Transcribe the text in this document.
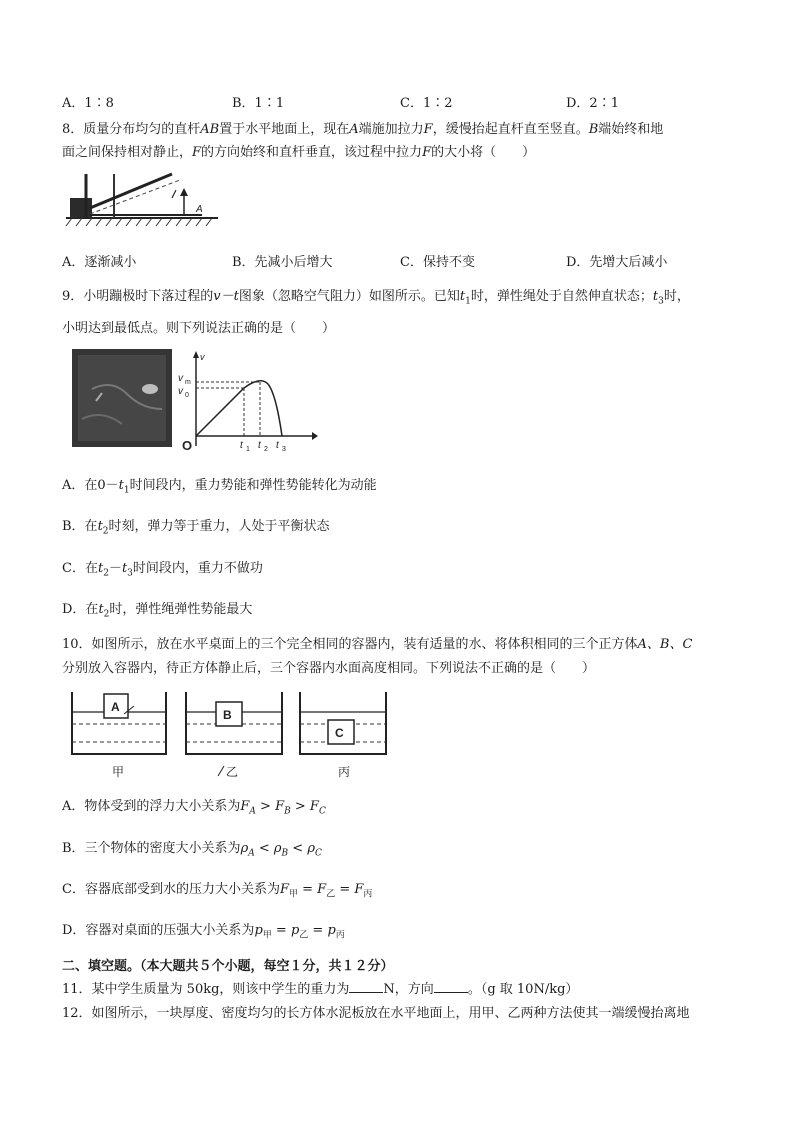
A．1∶8	B．1∶1	C．1∶2	D．2∶1
8．质量分布均匀的直杆AB置于水平地面上，现在A端施加拉力F，缓慢抬起直杆直至竖直。B端始终和地
面之间保持相对静止，F的方向始终和直杆垂直，该过程中拉力F的大小将（　　）
A
A．逐渐减小	B．先减小后增大	C．保持不变	D．先增大后减小
9．小明蹦极时下落过程的v－t图象（忽略空气阻力）如图所示。已知$t_1$时，弹性绳处于自然伸直状态；$t_3$时，
小明达到最低点。则下列说法正确的是（　　）
v
v m
v 0
O	t 1 t 2 t 3
A．在$0-t_1$时间段内，重力势能和弹性势能转化为动能
B．在$t_2$时刻，弹力等于重力，人处于平衡状态
C．在$t_2-t_3$时间段内，重力不做功
D．在$t_2$时，弹性绳弹性势能最大
10．如图所示，放在水平桌面上的三个完全相同的容器内，装有适量的水、将体积相同的三个正方体A、B、C
分别放入容器内，待正方体静止后，三个容器内水面高度相同。下列说法不正确的是（　　）
A
甲
B
乙
C
丙
A．物体受到的浮力大小关系为$F_A > F_B > F_C$
B．三个物体的密度大小关系为$\rho_A < \rho_B < \rho_C$
C．容器底部受到水的压力大小关系为$F_甲 = F_乙 = F_丙$
D．容器对桌面的压强大小关系为$p_甲 = p_乙 = p_丙$
二、填空题。（本大题共５个小题，每空１分，共１２分）
11．某中学生质量为 50kg，则该中学生的重力为	N，方向	。（g 取 10N/kg）
12．如图所示，一块厚度、密度均匀的长方体水泥板放在水平地面上，用甲、乙两种方法使其一端缓慢抬离地
